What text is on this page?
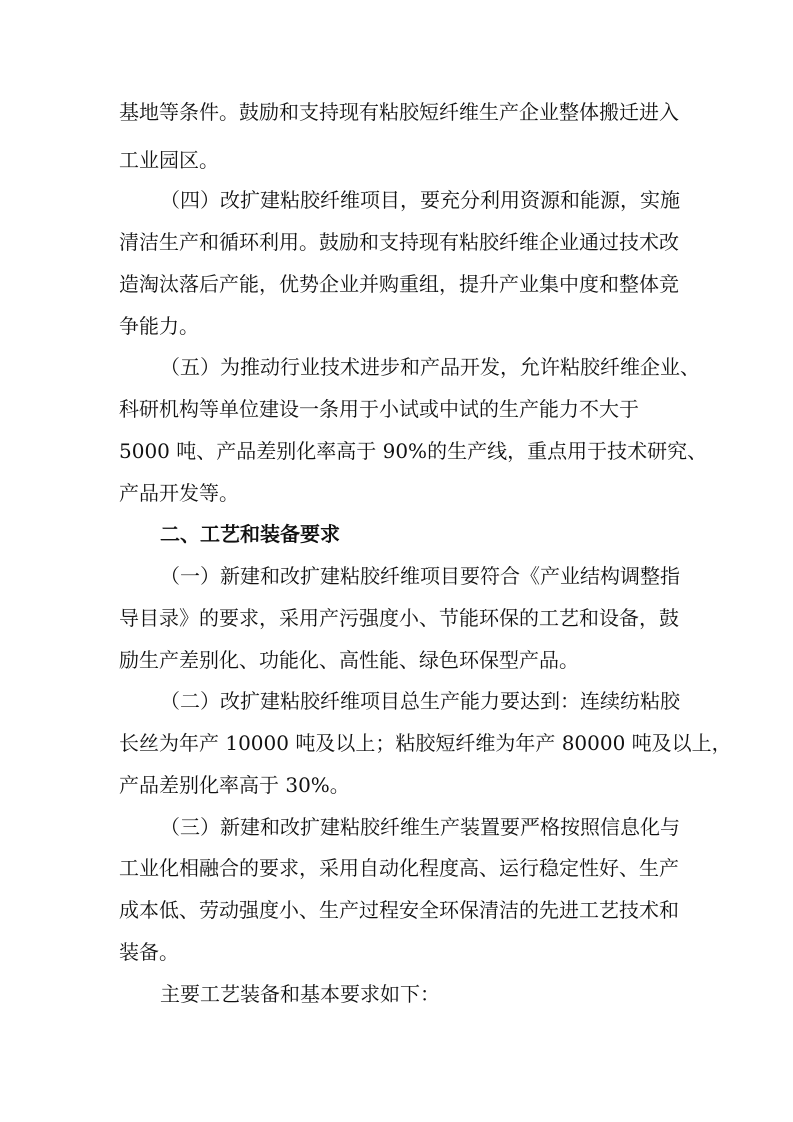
基地等条件。鼓励和支持现有粘胶短纤维生产企业整体搬迁进入
工业园区。
（四）改扩建粘胶纤维项目，要充分利用资源和能源，实施
清洁生产和循环利用。鼓励和支持现有粘胶纤维企业通过技术改
造淘汰落后产能，优势企业并购重组，提升产业集中度和整体竞
争能力。
（五）为推动行业技术进步和产品开发，允许粘胶纤维企业、
科研机构等单位建设一条用于小试或中试的生产能力不大于
5000 吨、产品差别化率高于 90%的生产线，重点用于技术研究、
产品开发等。
二、工艺和装备要求
（一）新建和改扩建粘胶纤维项目要符合《产业结构调整指
导目录》的要求，采用产污强度小、节能环保的工艺和设备，鼓
励生产差别化、功能化、高性能、绿色环保型产品。
（二）改扩建粘胶纤维项目总生产能力要达到：连续纺粘胶
长丝为年产 10000 吨及以上；粘胶短纤维为年产 80000 吨及以上，
产品差别化率高于 30%。
（三）新建和改扩建粘胶纤维生产装置要严格按照信息化与
工业化相融合的要求，采用自动化程度高、运行稳定性好、生产
成本低、劳动强度小、生产过程安全环保清洁的先进工艺技术和
装备。
主要工艺装备和基本要求如下：
